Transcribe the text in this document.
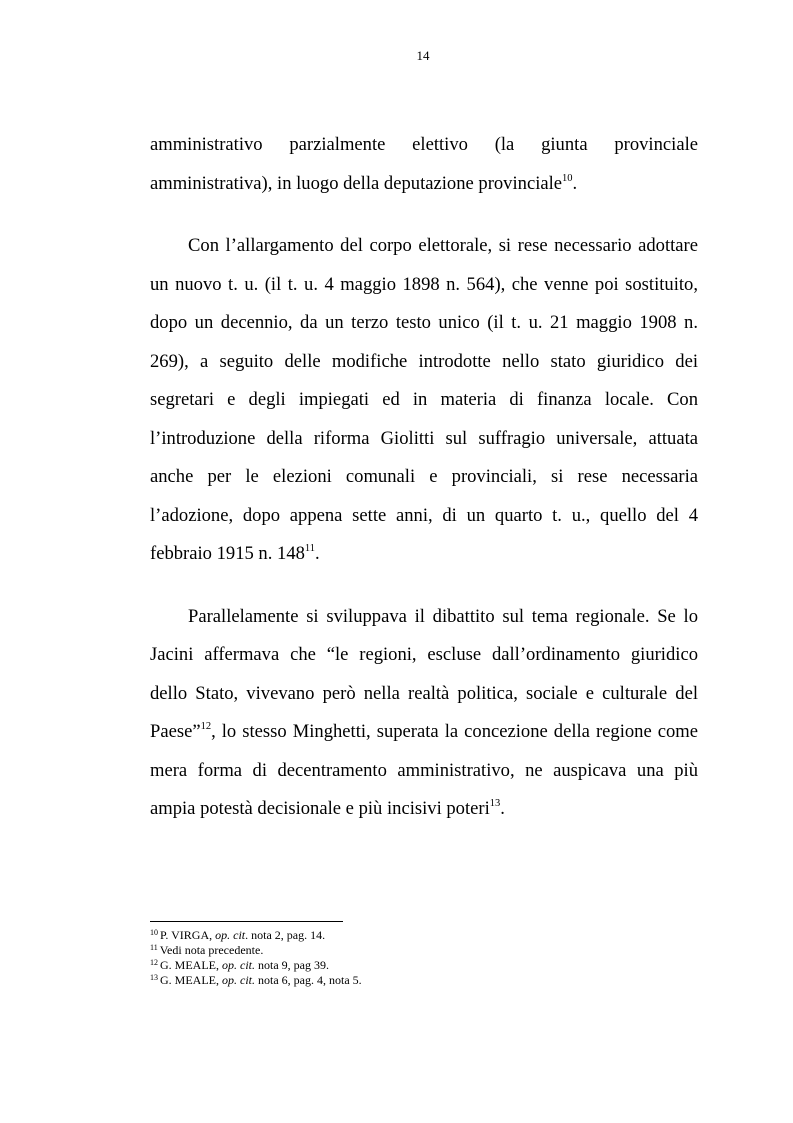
14
amministrativo parzialmente elettivo (la giunta provinciale
amministrativa), in luogo della deputazione provinciale$^{10}$.
Con l’allargamento del corpo elettorale, si rese necessario adottare
un nuovo t. u. (il t. u. 4 maggio 1898 n. 564), che venne poi sostituito,
dopo un decennio, da un terzo testo unico (il t. u. 21 maggio 1908 n.
269), a seguito delle modifiche introdotte nello stato giuridico dei
segretari e degli impiegati ed in materia di finanza locale. Con
l’introduzione della riforma Giolitti sul suffragio universale, attuata
anche per le elezioni comunali e provinciali, si rese necessaria
l’adozione, dopo appena sette anni, di un quarto t. u., quello del 4
febbraio 1915 n. $148^{11}$.
Parallelamente si sviluppava il dibattito sul tema regionale. Se lo
Jacini affermava che “le regioni, escluse dall’ordinamento giuridico
dello Stato, vivevano però nella realtà politica, sociale e culturale del
Paese”$^{12}$, lo stesso Minghetti, superata la concezione della regione come
mera forma di decentramento amministrativo, ne auspicava una più
ampia potestà decisionale e più incisivi poteri$^{13}$.
$^{10}$ P. VIRGA, op. cit. nota 2, pag. 14.
$^{11}$ Vedi nota precedente.
$^{12}$ G. MEALE, op. cit. nota 9, pag 39.
$^{13}$ G. MEALE, op. cit. nota 6, pag. 4, nota 5.
